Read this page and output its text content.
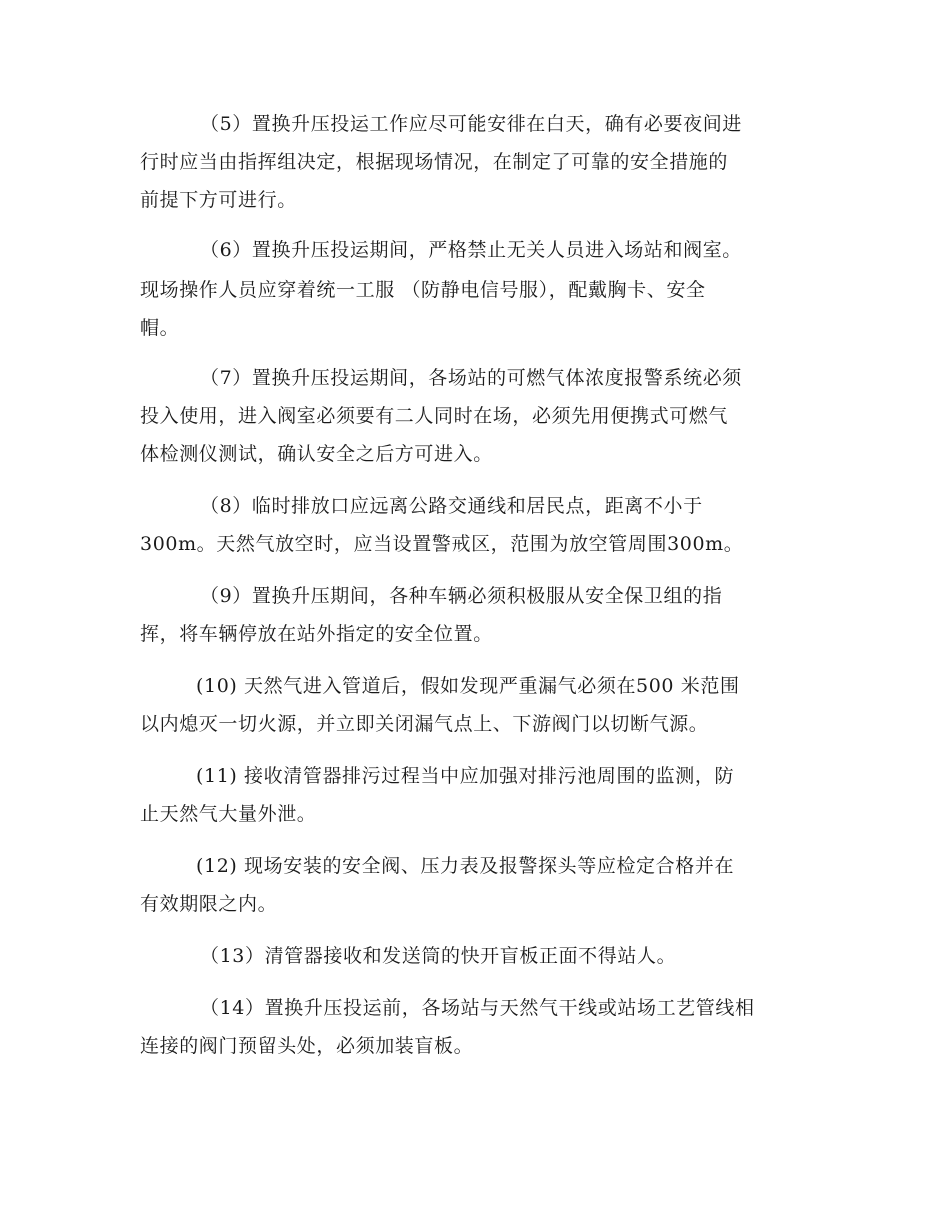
（5）置换升压投运工作应尽可能安徘在白天，确有必要夜间进
行时应当由指挥组决定，根据现场情况，在制定了可靠的安全措施的
前提下方可进行。
（6）置换升压投运期间，严格禁止无关人员进入场站和阀室。
现场操作人员应穿着统一工服 （防静电信号服），配戴胸卡、安全
帽。
（7）置换升压投运期间，各场站的可燃气体浓度报警系统必须
投入使用，进入阀室必须要有二人同时在场，必须先用便携式可燃气
体检测仪测试，确认安全之后方可进入。
（8）临时排放口应远离公路交通线和居民点，距离不小于
300m。天然气放空时，应当设置警戒区，范围为放空管周围300m。
（9）置换升压期间，各种车辆必须积极服从安全保卫组的指
挥，将车辆停放在站外指定的安全位置。
(10) 天然气进入管道后，假如发现严重漏气必须在500 米范围
以内熄灭一切火源，并立即关闭漏气点上、下游阀门以切断气源。
(11) 接收清管器排污过程当中应加强对排污池周围的监测，防
止天然气大量外泄。
(12) 现场安装的安全阀、压力表及报警探头等应检定合格并在
有效期限之内。
（13）清管器接收和发送筒的快开盲板正面不得站人。
（14）置换升压投运前，各场站与天然气干线或站场工艺管线相
连接的阀门预留头处，必须加装盲板。
